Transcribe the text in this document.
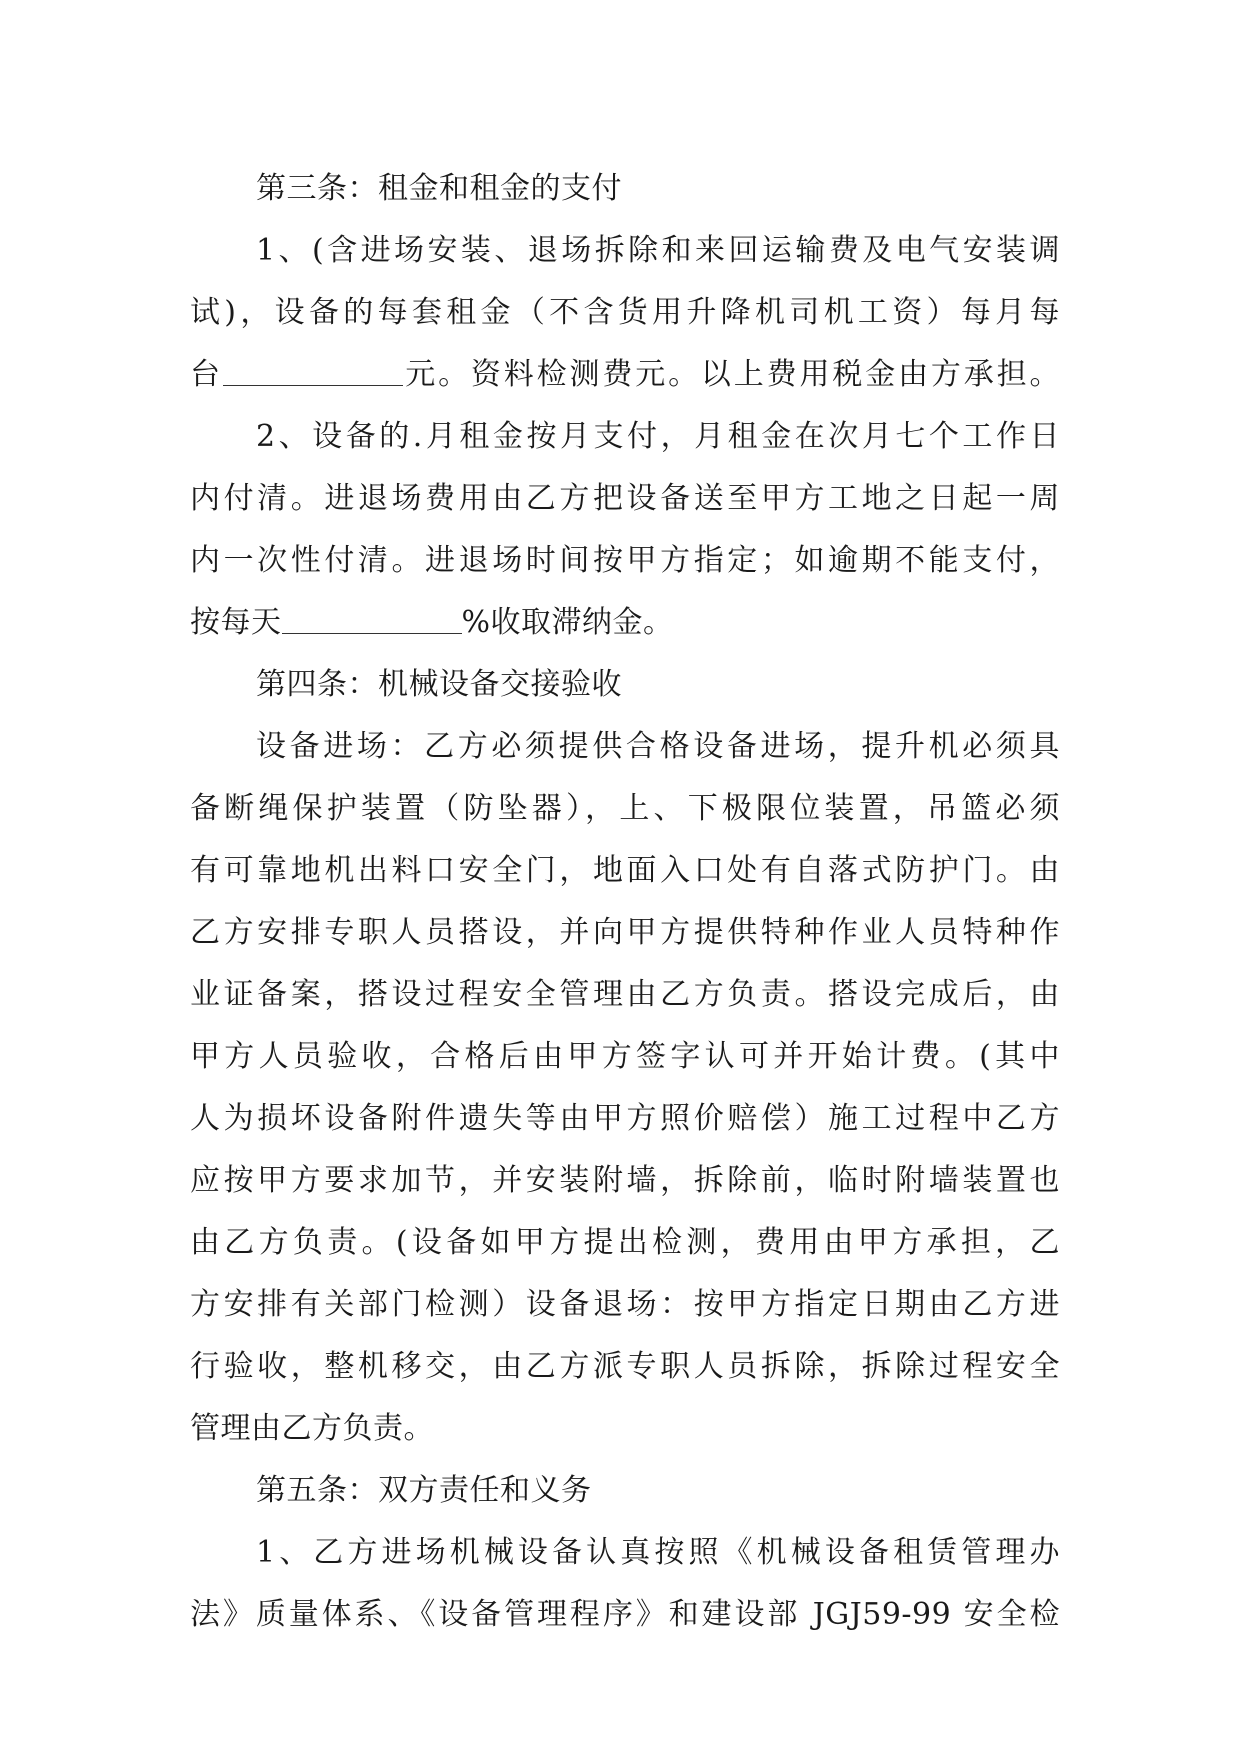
第三条：租金和租金的支付
1、(含进场安装、退场拆除和来回运输费及电气安装调
试)，设备的每套租金（不含货用升降机司机工资）每月每
台	元。资料检测费元。以上费用税金由方承担。
2、设备的.月租金按月支付，月租金在次月七个工作日
内付清。进退场费用由乙方把设备送至甲方工地之日起一周
内一次性付清。进退场时间按甲方指定；如逾期不能支付，
按每天	%收取滞纳金。
第四条：机械设备交接验收
设备进场：乙方必须提供合格设备进场，提升机必须具
备断绳保护装置（防坠器），上、下极限位装置，吊篮必须
有可靠地机出料口安全门，地面入口处有自落式防护门。由
乙方安排专职人员搭设，并向甲方提供特种作业人员特种作
业证备案，搭设过程安全管理由乙方负责。搭设完成后，由
甲方人员验收，合格后由甲方签字认可并开始计费。(其中
人为损坏设备附件遗失等由甲方照价赔偿）施工过程中乙方
应按甲方要求加节，并安装附墙，拆除前，临时附墙装置也
由乙方负责。(设备如甲方提出检测，费用由甲方承担，乙
方安排有关部门检测）设备退场：按甲方指定日期由乙方进
行验收，整机移交，由乙方派专职人员拆除，拆除过程安全
管理由乙方负责。
第五条：双方责任和义务
1、乙方进场机械设备认真按照《机械设备租赁管理办
法》质量体系、《设备管理程序》和建设部 JGJ59-99 安全检
